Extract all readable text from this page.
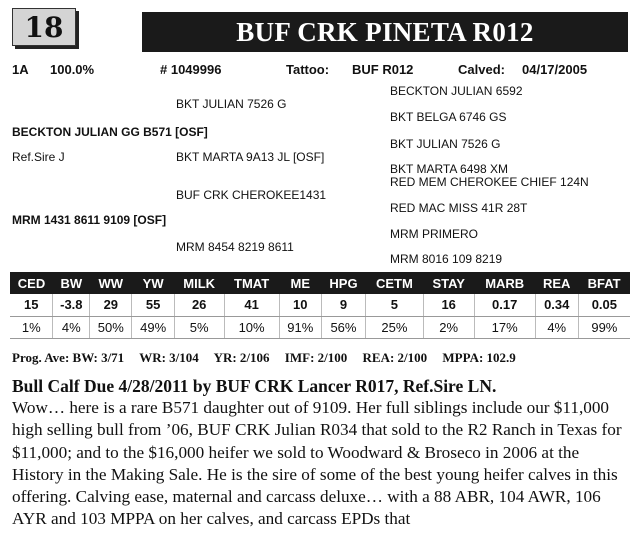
18	BUF CRK PINETA R012
1A 100.0%	# 1049996	Tattoo: BUF R012	Calved: 04/17/2005
BECKTON JULIAN GG B571 [OSF]
Ref.Sire J
MRM 1431 8611 9109 [OSF]
BKT JULIAN 7526 G
BKT MARTA 9A13 JL [OSF]
BUF CRK CHEROKEE1431
MRM 8454 8219 8611
BECKTON JULIAN 6592
BKT BELGA 6746 GS
BKT JULIAN 7526 G
BKT MARTA 6498 XM
RED MEM CHEROKEE CHIEF 124N
RED MAC MISS 41R 28T
MRM PRIMERO
MRM 8016 109 8219
CED	BW	WW	YW	MILK	TMAT	ME	HPG	CETM	STAY	MARB	REA	BFAT
15	-3.8	29	55	26	41	10	9	5	16	0.17	0.34	0.05
1%	4%	50%	49%	5%	10%	91%	56%	25%	2%	17%	4%	99%
Prog. Ave: BW: 3/71 WR: 3/104 YR: 2/106 IMF: 2/100 REA: 2/100 MPPA: 102.9
Bull Calf Due 4/28/2011 by BUF CRK Lancer R017, Ref.Sire LN.
Wow… here is a rare B571 daughter out of 9109. Her full siblings include our $11,000 high selling bull from ’06, BUF CRK Julian R034 that sold to the R2 Ranch in Texas for $11,000; and to the $16,000 heifer we sold to Woodward & Broseco in 2006 at the History in the Making Sale. He is the sire of some of the best young heifer calves in this offering. Calving ease, maternal and carcass deluxe… with a 88 ABR, 104 AWR, 106 AYR and 103 MPPA on her calves, and carcass EPDs that
